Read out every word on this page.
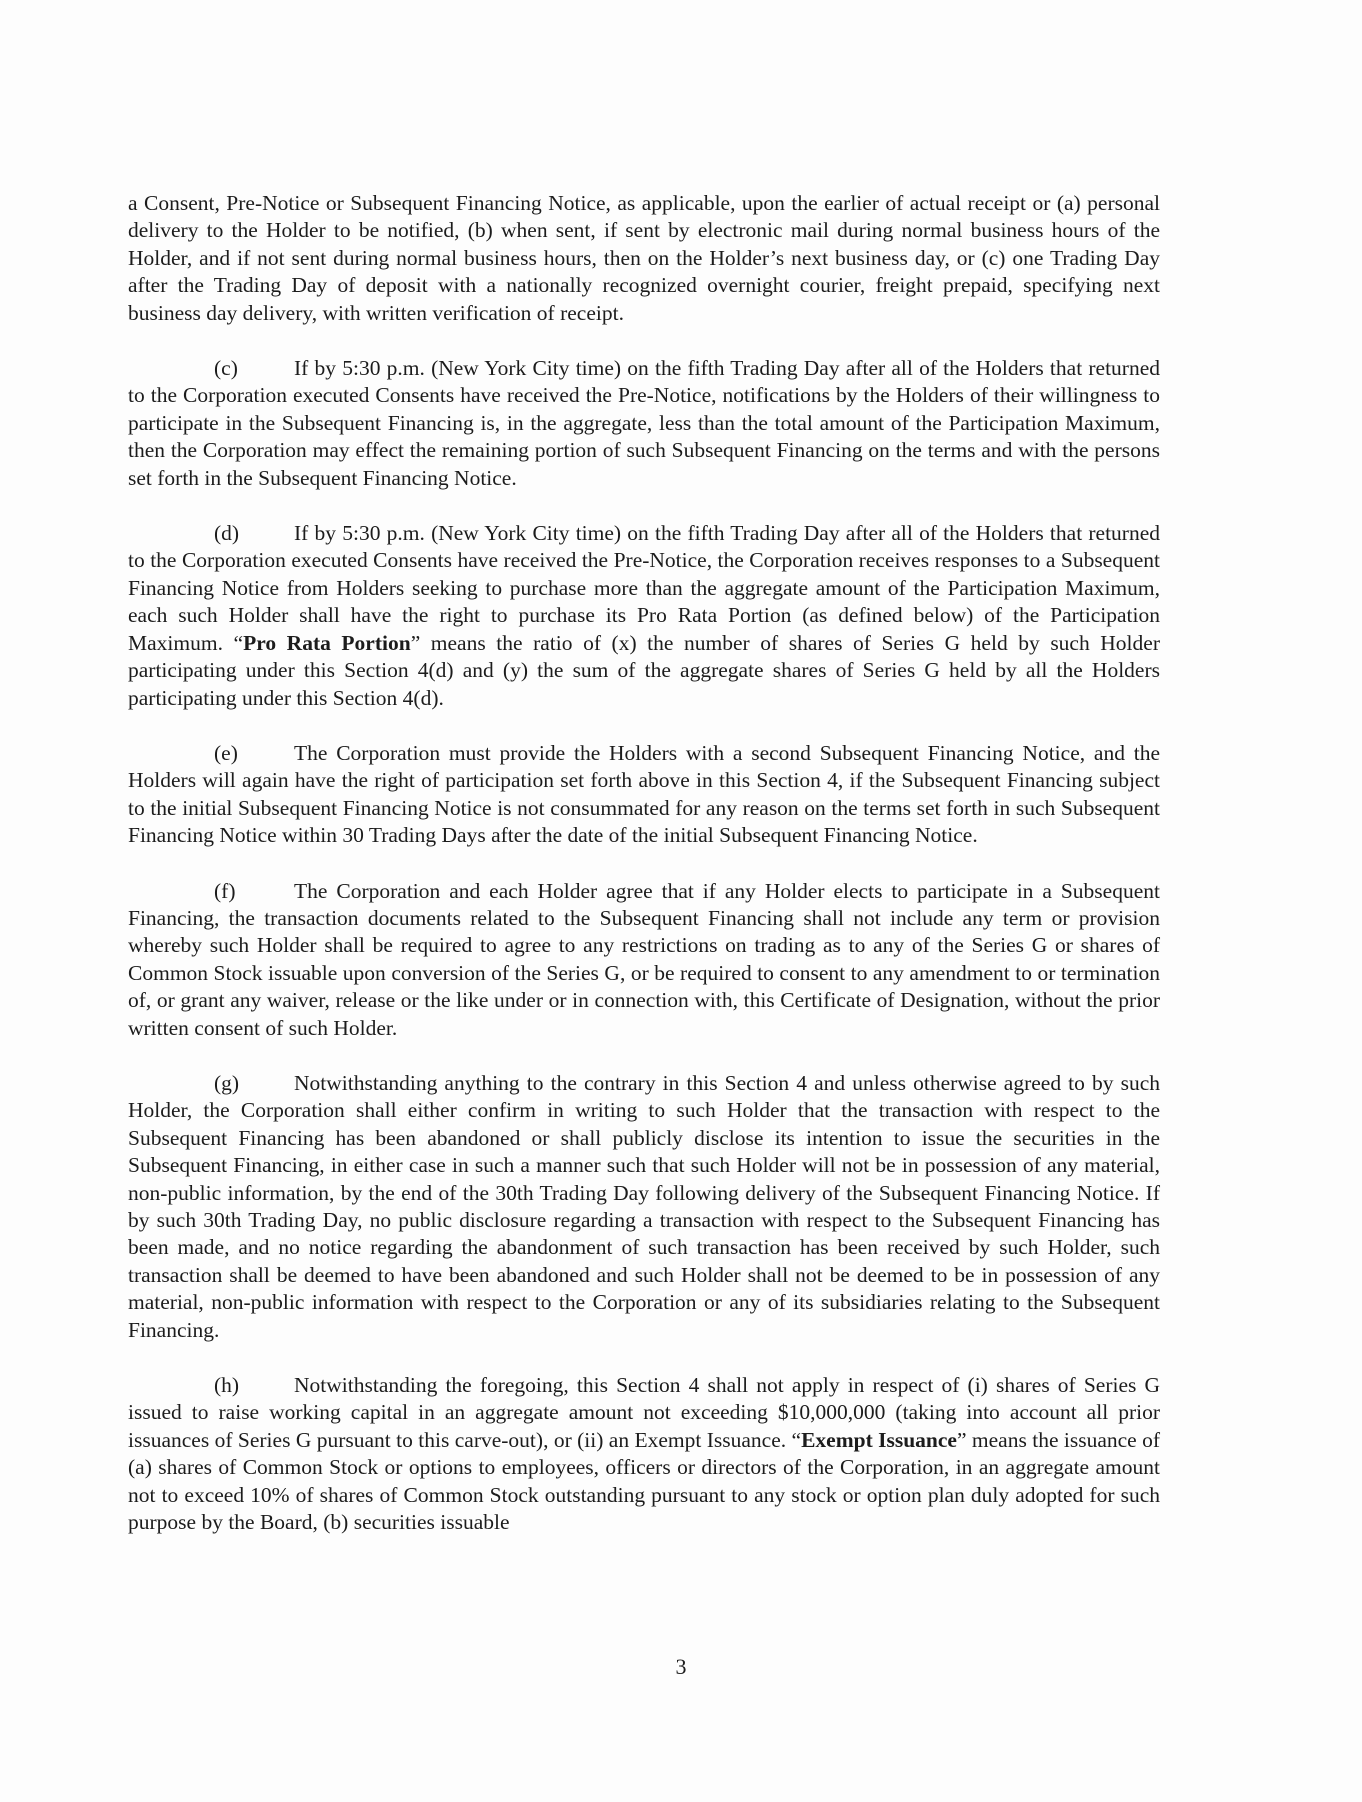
a Consent, Pre-Notice or Subsequent Financing Notice, as applicable, upon the earlier of actual receipt or (a) personal delivery to the Holder to be notified, (b) when sent, if sent by electronic mail during normal business hours of the Holder, and if not sent during normal business hours, then on the Holder’s next business day, or (c) one Trading Day after the Trading Day of deposit with a nationally recognized overnight courier, freight prepaid, specifying next business day delivery, with written verification of receipt.

(c)	If by 5:30 p.m. (New York City time) on the fifth Trading Day after all of the Holders that returned to the Corporation executed Consents have received the Pre-Notice, notifications by the Holders of their willingness to participate in the Subsequent Financing is, in the aggregate, less than the total amount of the Participation Maximum, then the Corporation may effect the remaining portion of such Subsequent Financing on the terms and with the persons set forth in the Subsequent Financing Notice.

(d)	If by 5:30 p.m. (New York City time) on the fifth Trading Day after all of the Holders that returned to the Corporation executed Consents have received the Pre-Notice, the Corporation receives responses to a Subsequent Financing Notice from Holders seeking to purchase more than the aggregate amount of the Participation Maximum, each such Holder shall have the right to purchase its Pro Rata Portion (as defined below) of the Participation Maximum. “Pro Rata Portion” means the ratio of (x) the number of shares of Series G held by such Holder participating under this Section 4(d) and (y) the sum of the aggregate shares of Series G held by all the Holders participating under this Section 4(d).

(e)	The Corporation must provide the Holders with a second Subsequent Financing Notice, and the Holders will again have the right of participation set forth above in this Section 4, if the Subsequent Financing subject to the initial Subsequent Financing Notice is not consummated for any reason on the terms set forth in such Subsequent Financing Notice within 30 Trading Days after the date of the initial Subsequent Financing Notice.

(f)	The Corporation and each Holder agree that if any Holder elects to participate in a Subsequent Financing, the transaction documents related to the Subsequent Financing shall not include any term or provision whereby such Holder shall be required to agree to any restrictions on trading as to any of the Series G or shares of Common Stock issuable upon conversion of the Series G, or be required to consent to any amendment to or termination of, or grant any waiver, release or the like under or in connection with, this Certificate of Designation, without the prior written consent of such Holder.

(g)	Notwithstanding anything to the contrary in this Section 4 and unless otherwise agreed to by such Holder, the Corporation shall either confirm in writing to such Holder that the transaction with respect to the Subsequent Financing has been abandoned or shall publicly disclose its intention to issue the securities in the Subsequent Financing, in either case in such a manner such that such Holder will not be in possession of any material, non-public information, by the end of the 30th Trading Day following delivery of the Subsequent Financing Notice. If by such 30th Trading Day, no public disclosure regarding a transaction with respect to the Subsequent Financing has been made, and no notice regarding the abandonment of such transaction has been received by such Holder, such transaction shall be deemed to have been abandoned and such Holder shall not be deemed to be in possession of any material, non-public information with respect to the Corporation or any of its subsidiaries relating to the Subsequent Financing.

(h)	Notwithstanding the foregoing, this Section 4 shall not apply in respect of (i) shares of Series G issued to raise working capital in an aggregate amount not exceeding $10,000,000 (taking into account all prior issuances of Series G pursuant to this carve-out), or (ii) an Exempt Issuance. “Exempt Issuance” means the issuance of (a) shares of Common Stock or options to employees, officers or directors of the Corporation, in an aggregate amount not to exceed 10% of shares of Common Stock outstanding pursuant to any stock or option plan duly adopted for such purpose by the Board, (b) securities issuable

3
